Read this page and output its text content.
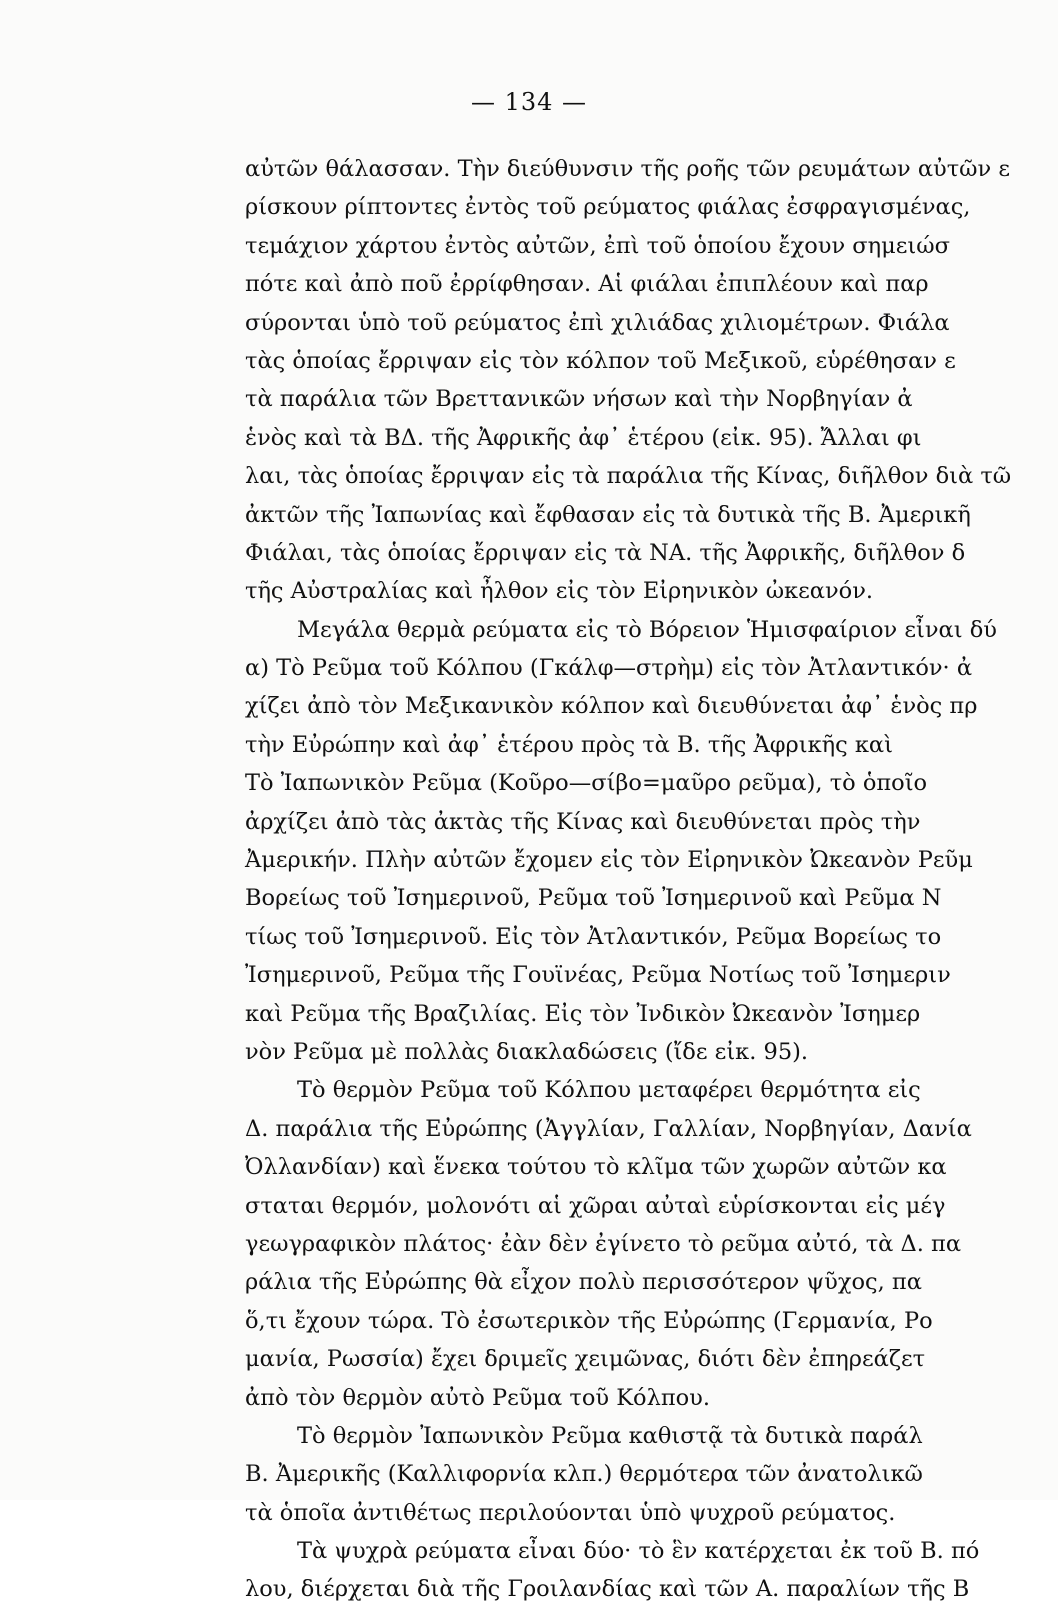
— 134 —
αὐτῶν θάλασσαν. Τὴν διεύθυνσιν τῆς ροῆς τῶν ρευμάτων αὐτῶν ε
ρίσκουν ρίπτοντες ἐντὸς τοῦ ρεύματος φιάλας ἐσφραγισμένας,
τεμάχιον χάρτου ἐντὸς αὐτῶν, ἐπὶ τοῦ ὁποίου ἔχουν σημειώσ
πότε καὶ ἀπὸ ποῦ ἐρρίφθησαν. Αἱ φιάλαι ἐπιπλέουν καὶ παρ
σύρονται ὑπὸ τοῦ ρεύματος ἐπὶ χιλιάδας χιλιομέτρων. Φιάλα
τὰς ὁποίας ἔρριψαν εἰς τὸν κόλπον τοῦ Μεξικοῦ, εὑρέθησαν ε
τὰ παράλια τῶν Βρεττανικῶν νήσων καὶ τὴν Νορβηγίαν ἀ
ἑνὸς καὶ τὰ ΒΔ. τῆς Ἀφρικῆς ἀφ᾽ ἑτέρου (εἰκ. 95). Ἄλλαι φι
λαι, τὰς ὁποίας ἔρριψαν εἰς τὰ παράλια τῆς Κίνας, διῆλθον διὰ τῶ
ἀκτῶν τῆς Ἰαπωνίας καὶ ἔφθασαν εἰς τὰ δυτικὰ τῆς Β. Ἀμερικῆ
Φιάλαι, τὰς ὁποίας ἔρριψαν εἰς τὰ ΝΑ. τῆς Ἀφρικῆς, διῆλθον δ
τῆς Αὐστραλίας καὶ ἦλθον εἰς τὸν Εἰρηνικὸν ὠκεανόν.
Μεγάλα θερμὰ ρεύματα εἰς τὸ Βόρειον Ἡμισφαίριον εἶναι δύ
α) Τὸ Ρεῦμα τοῦ Κόλπου (Γκάλφ—στρὴμ) εἰς τὸν Ἀτλαντικόν· ἀ
χίζει ἀπὸ τὸν Μεξικανικὸν κόλπον καὶ διευθύνεται ἀφ᾽ ἑνὸς πρ
τὴν Εὐρώπην καὶ ἀφ᾽ ἑτέρου πρὸς τὰ Β. τῆς Ἀφρικῆς καὶ
Τὸ Ἰαπωνικὸν Ρεῦμα (Κοῦρο—σίβο=μαῦρο ρεῦμα), τὸ ὁποῖο
ἀρχίζει ἀπὸ τὰς ἀκτὰς τῆς Κίνας καὶ διευθύνεται πρὸς τὴν
Ἀμερικήν. Πλὴν αὐτῶν ἔχομεν εἰς τὸν Εἰρηνικὸν Ὠκεανὸν Ρεῦμ
Βορείως τοῦ Ἰσημερινοῦ, Ρεῦμα τοῦ Ἰσημερινοῦ καὶ Ρεῦμα Ν
τίως τοῦ Ἰσημερινοῦ. Εἰς τὸν Ἀτλαντικόν, Ρεῦμα Βορείως το
Ἰσημερινοῦ, Ρεῦμα τῆς Γουϊνέας, Ρεῦμα Νοτίως τοῦ Ἰσημεριν
καὶ Ρεῦμα τῆς Βραζιλίας. Εἰς τὸν Ἰνδικὸν Ὠκεανὸν Ἰσημερ
νὸν Ρεῦμα μὲ πολλὰς διακλαδώσεις (ἴδε εἰκ. 95).
Τὸ θερμὸν Ρεῦμα τοῦ Κόλπου μεταφέρει θερμότητα εἰς
Δ. παράλια τῆς Εὐρώπης (Ἀγγλίαν, Γαλλίαν, Νορβηγίαν, Δανία
Ὀλλανδίαν) καὶ ἕνεκα τούτου τὸ κλῖμα τῶν χωρῶν αὐτῶν κα
σταται θερμόν, μολονότι αἱ χῶραι αὐταὶ εὑρίσκονται εἰς μέγ
γεωγραφικὸν πλάτος· ἐὰν δὲν ἐγίνετο τὸ ρεῦμα αὐτό, τὰ Δ. πα
ράλια τῆς Εὐρώπης θὰ εἶχον πολὺ περισσότερον ψῦχος, πα
ὅ,τι ἔχουν τώρα. Τὸ ἐσωτερικὸν τῆς Εὐρώπης (Γερμανία, Ρο
μανία, Ρωσσία) ἔχει δριμεῖς χειμῶνας, διότι δὲν ἐπηρεάζετ
ἀπὸ τὸν θερμὸν αὐτὸ Ρεῦμα τοῦ Κόλπου.
Τὸ θερμὸν Ἰαπωνικὸν Ρεῦμα καθιστᾷ τὰ δυτικὰ παράλ
Β. Ἀμερικῆς (Καλλιφορνία κλπ.) θερμότερα τῶν ἀνατολικῶ
τὰ ὁποῖα ἀντιθέτως περιλούονται ὑπὸ ψυχροῦ ρεύματος.
Τὰ ψυχρὰ ρεύματα εἶναι δύο· τὸ ἓν κατέρχεται ἐκ τοῦ Β. πό
λου, διέρχεται διὰ τῆς Γροιλανδίας καὶ τῶν Α. παραλίων τῆς Β
